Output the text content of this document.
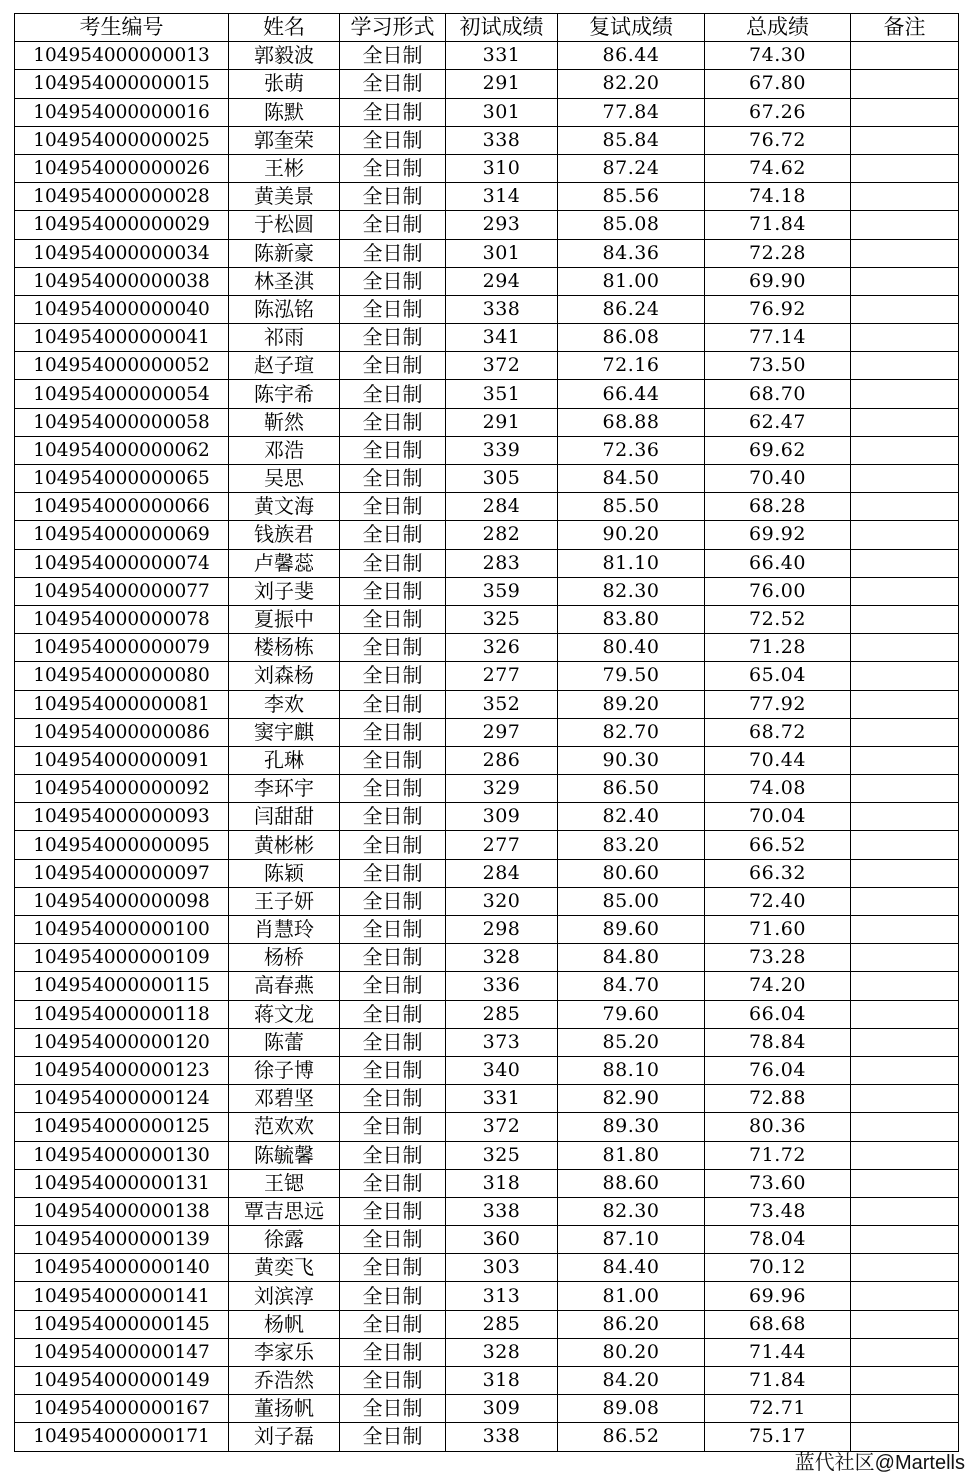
考生编号	姓名	学习形式	初试成绩	复试成绩	总成绩	备注
104954000000013	郭毅波	全日制	331	86.44	74.30	
104954000000015	张萌	全日制	291	82.20	67.80	
104954000000016	陈默	全日制	301	77.84	67.26	
104954000000025	郭奎荣	全日制	338	85.84	76.72	
104954000000026	王彬	全日制	310	87.24	74.62	
104954000000028	黄美景	全日制	314	85.56	74.18	
104954000000029	于松圆	全日制	293	85.08	71.84	
104954000000034	陈新豪	全日制	301	84.36	72.28	
104954000000038	林圣淇	全日制	294	81.00	69.90	
104954000000040	陈泓铭	全日制	338	86.24	76.92	
104954000000041	祁雨	全日制	341	86.08	77.14	
104954000000052	赵子瑄	全日制	372	72.16	73.50	
104954000000054	陈宇希	全日制	351	66.44	68.70	
104954000000058	靳然	全日制	291	68.88	62.47	
104954000000062	邓浩	全日制	339	72.36	69.62	
104954000000065	吴思	全日制	305	84.50	70.40	
104954000000066	黄文海	全日制	284	85.50	68.28	
104954000000069	钱族君	全日制	282	90.20	69.92	
104954000000074	卢馨蕊	全日制	283	81.10	66.40	
104954000000077	刘子斐	全日制	359	82.30	76.00	
104954000000078	夏振中	全日制	325	83.80	72.52	
104954000000079	楼杨栋	全日制	326	80.40	71.28	
104954000000080	刘森杨	全日制	277	79.50	65.04	
104954000000081	李欢	全日制	352	89.20	77.92	
104954000000086	窦宇麒	全日制	297	82.70	68.72	
104954000000091	孔琳	全日制	286	90.30	70.44	
104954000000092	李环宇	全日制	329	86.50	74.08	
104954000000093	闫甜甜	全日制	309	82.40	70.04	
104954000000095	黄彬彬	全日制	277	83.20	66.52	
104954000000097	陈颖	全日制	284	80.60	66.32	
104954000000098	王子妍	全日制	320	85.00	72.40	
104954000000100	肖慧玲	全日制	298	89.60	71.60	
104954000000109	杨桥	全日制	328	84.80	73.28	
104954000000115	高春燕	全日制	336	84.70	74.20	
104954000000118	蒋文龙	全日制	285	79.60	66.04	
104954000000120	陈蕾	全日制	373	85.20	78.84	
104954000000123	徐子博	全日制	340	88.10	76.04	
104954000000124	邓碧坚	全日制	331	82.90	72.88	
104954000000125	范欢欢	全日制	372	89.30	80.36	
104954000000130	陈毓馨	全日制	325	81.80	71.72	
104954000000131	王锶	全日制	318	88.60	73.60	
104954000000138	覃吉思远	全日制	338	82.30	73.48	
104954000000139	徐露	全日制	360	87.10	78.04	
104954000000140	黄奕飞	全日制	303	84.40	70.12	
104954000000141	刘滨淳	全日制	313	81.00	69.96	
104954000000145	杨帆	全日制	285	86.20	68.68	
104954000000147	李家乐	全日制	328	80.20	71.44	
104954000000149	乔浩然	全日制	318	84.20	71.84	
104954000000167	董扬帆	全日制	309	89.08	72.71	
104954000000171	刘子磊	全日制	338	86.52	75.17	
蓝代社区@Martells
